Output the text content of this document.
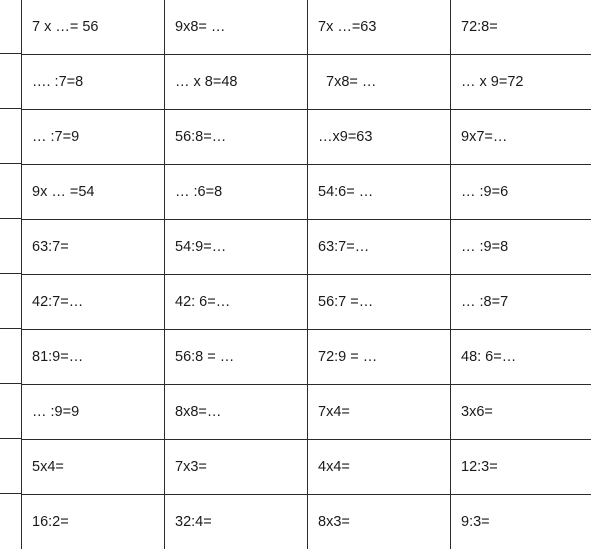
7 x …= 56	9x8= …	7x …=63	72:8=
…. :7=8	… x 8=48	7x8= …	… x 9=72
… :7=9	56:8=…	…x9=63	9x7=…
9x … =54	… :6=8	54:6= …	… :9=6
63:7=	54:9=…	63:7=…	… :9=8
42:7=…	42: 6=…	56:7 =…	… :8=7
81:9=…	56:8 = …	72:9 = …	48: 6=…
… :9=9	8x8=…	7x4=	3x6=
5x4=	7x3=	4x4=	12:3=
16:2=	32:4=	8x3=	9:3=
